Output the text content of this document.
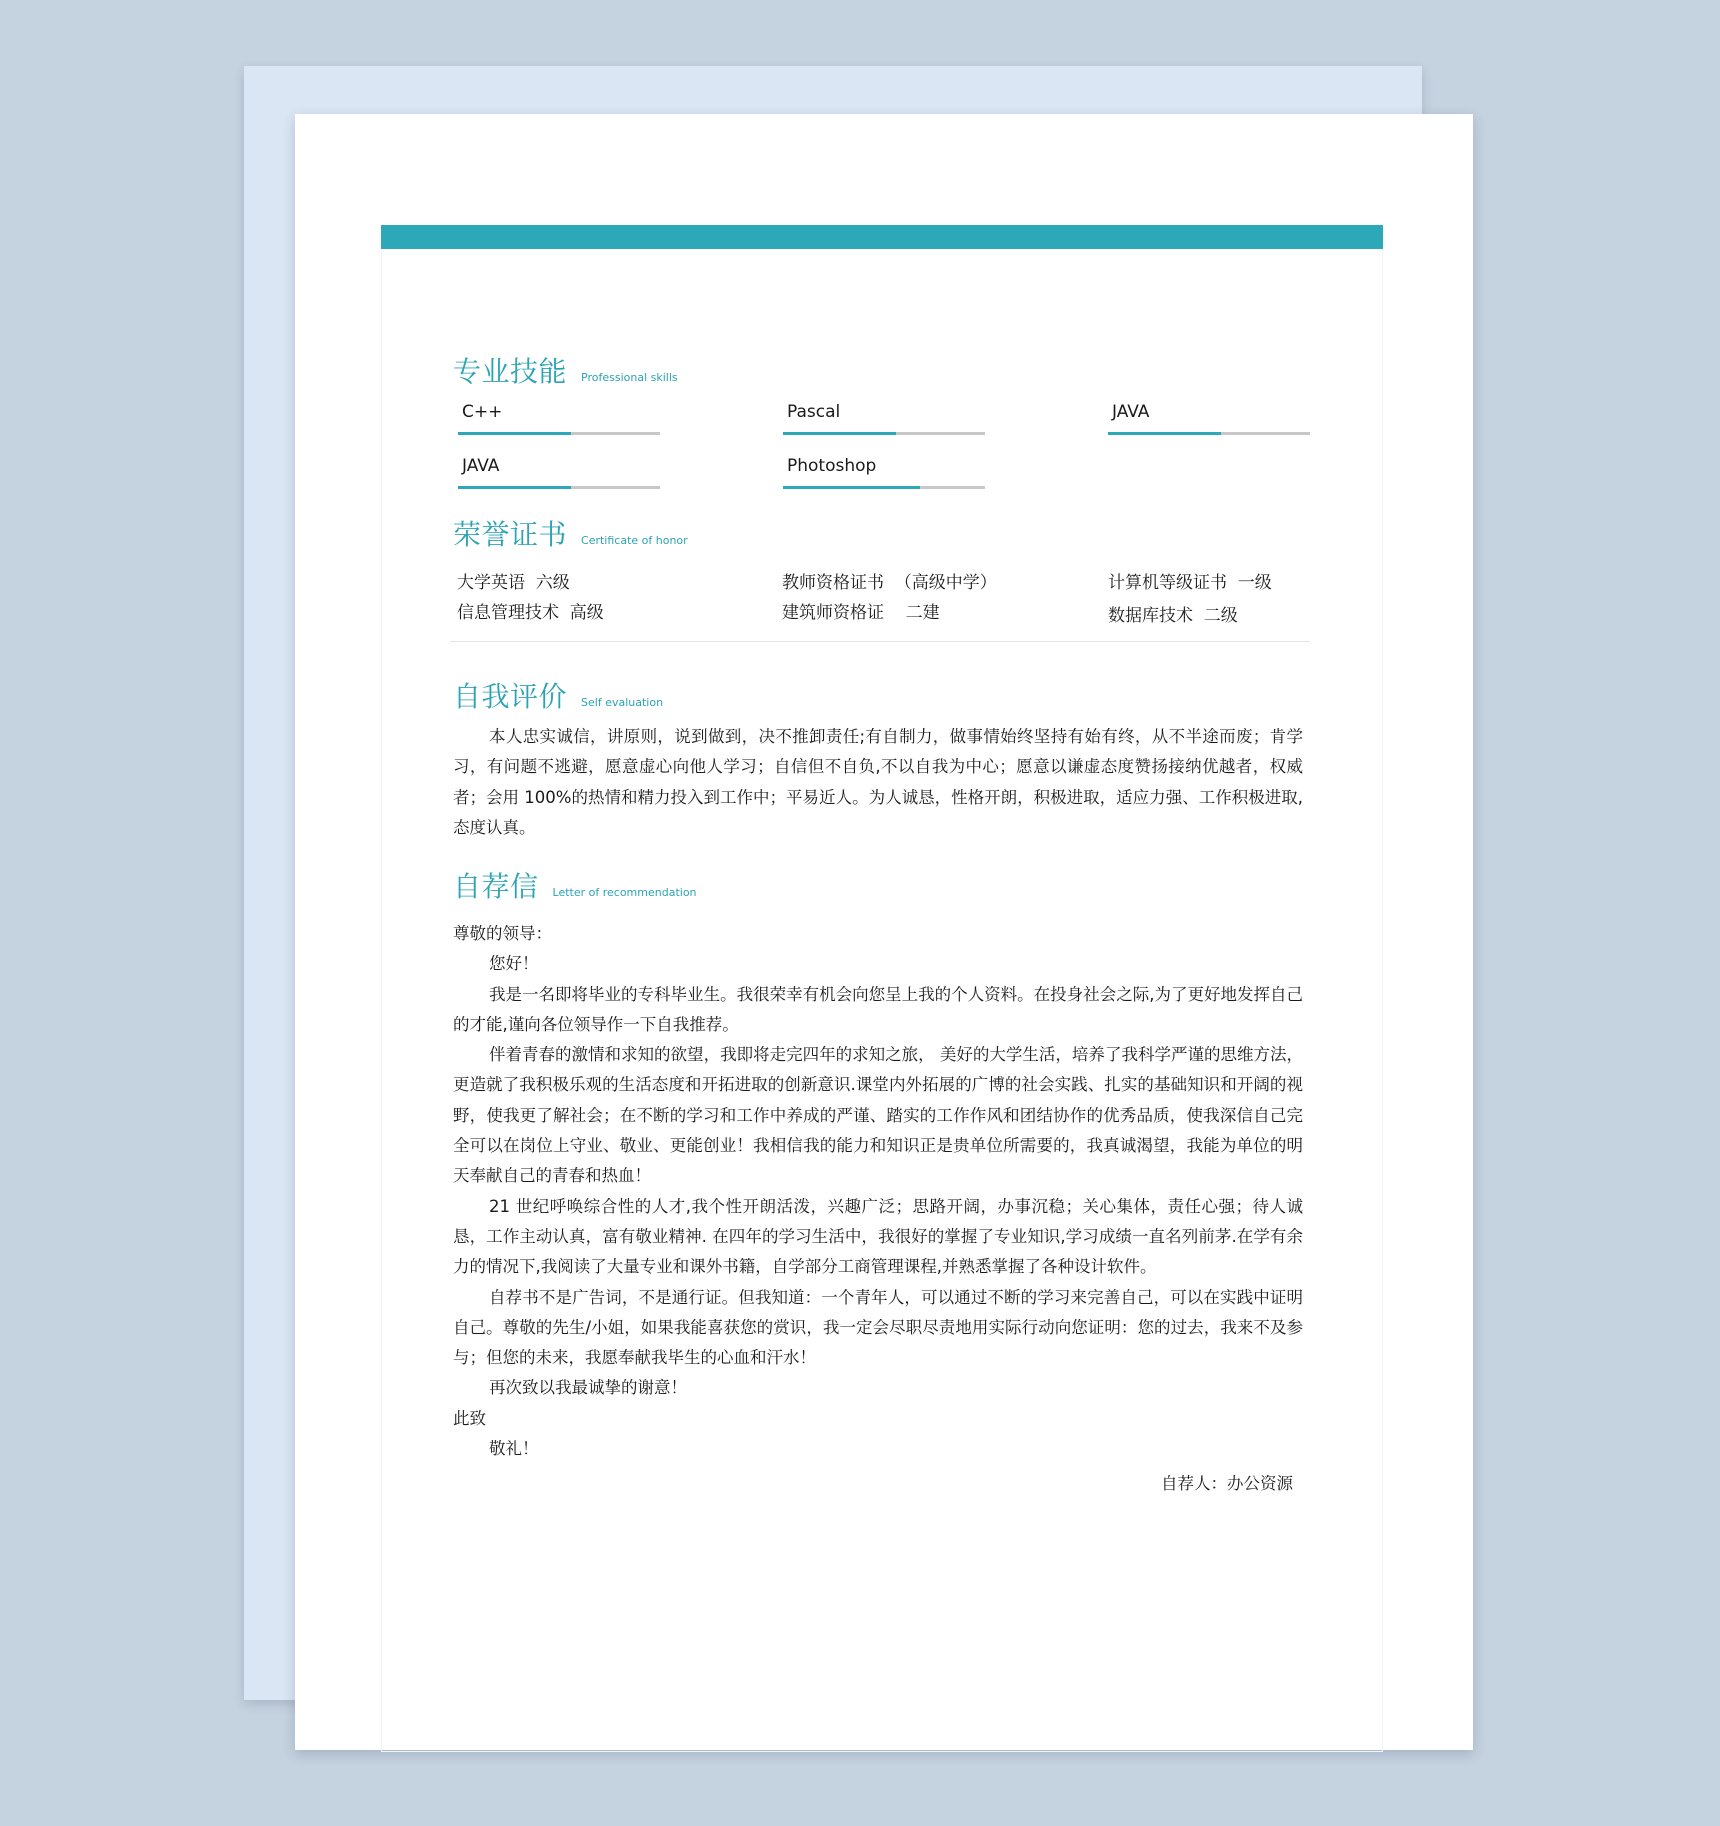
专业技能 Professional skills
C++	Pascal	JAVA
JAVA	Photoshop
荣誉证书 Certificate of honor
大学英语  六级	教师资格证书  （高级中学）	计算机等级证书  一级
信息管理技术  高级	建筑师资格证    二建	数据库技术  二级
自我评价 Self evaluation

本人忠实诚信，讲原则，说到做到，决不推卸责任;有自制力，做事情始终坚持有始有终，从不半途而废；肯学习，有问题不逃避，愿意虚心向他人学习；自信但不自负,不以自我为中心；愿意以谦虚态度赞扬接纳优越者，权威者；会用 100%的热情和精力投入到工作中；平易近人。为人诚恳，性格开朗，积极进取，适应力强、工作积极进取,态度认真。

自荐信 Letter of recommendation

尊敬的领导：

您好！

我是一名即将毕业的专科毕业生。我很荣幸有机会向您呈上我的个人资料。在投身社会之际,为了更好地发挥自己的才能,谨向各位领导作一下自我推荐。

伴着青春的激情和求知的欲望，我即将走完四年的求知之旅， 美好的大学生活，培养了我科学严谨的思维方法，更造就了我积极乐观的生活态度和开拓进取的创新意识.课堂内外拓展的广博的社会实践、扎实的基础知识和开阔的视野，使我更了解社会；在不断的学习和工作中养成的严谨、踏实的工作作风和团结协作的优秀品质，使我深信自己完全可以在岗位上守业、敬业、更能创业！我相信我的能力和知识正是贵单位所需要的，我真诚渴望，我能为单位的明天奉献自己的青春和热血！

21 世纪呼唤综合性的人才,我个性开朗活泼，兴趣广泛；思路开阔，办事沉稳；关心集体，责任心强；待人诚恳，工作主动认真，富有敬业精神. 在四年的学习生活中，我很好的掌握了专业知识,学习成绩一直名列前茅.在学有余力的情况下,我阅读了大量专业和课外书籍，自学部分工商管理课程,并熟悉掌握了各种设计软件。

自荐书不是广告词，不是通行证。但我知道：一个青年人，可以通过不断的学习来完善自己，可以在实践中证明自己。尊敬的先生/小姐，如果我能喜获您的赏识，我一定会尽职尽责地用实际行动向您证明：您的过去，我来不及参与；但您的未来，我愿奉献我毕生的心血和汗水！

再次致以我最诚挚的谢意！

此致

敬礼！

自荐人：办公资源
